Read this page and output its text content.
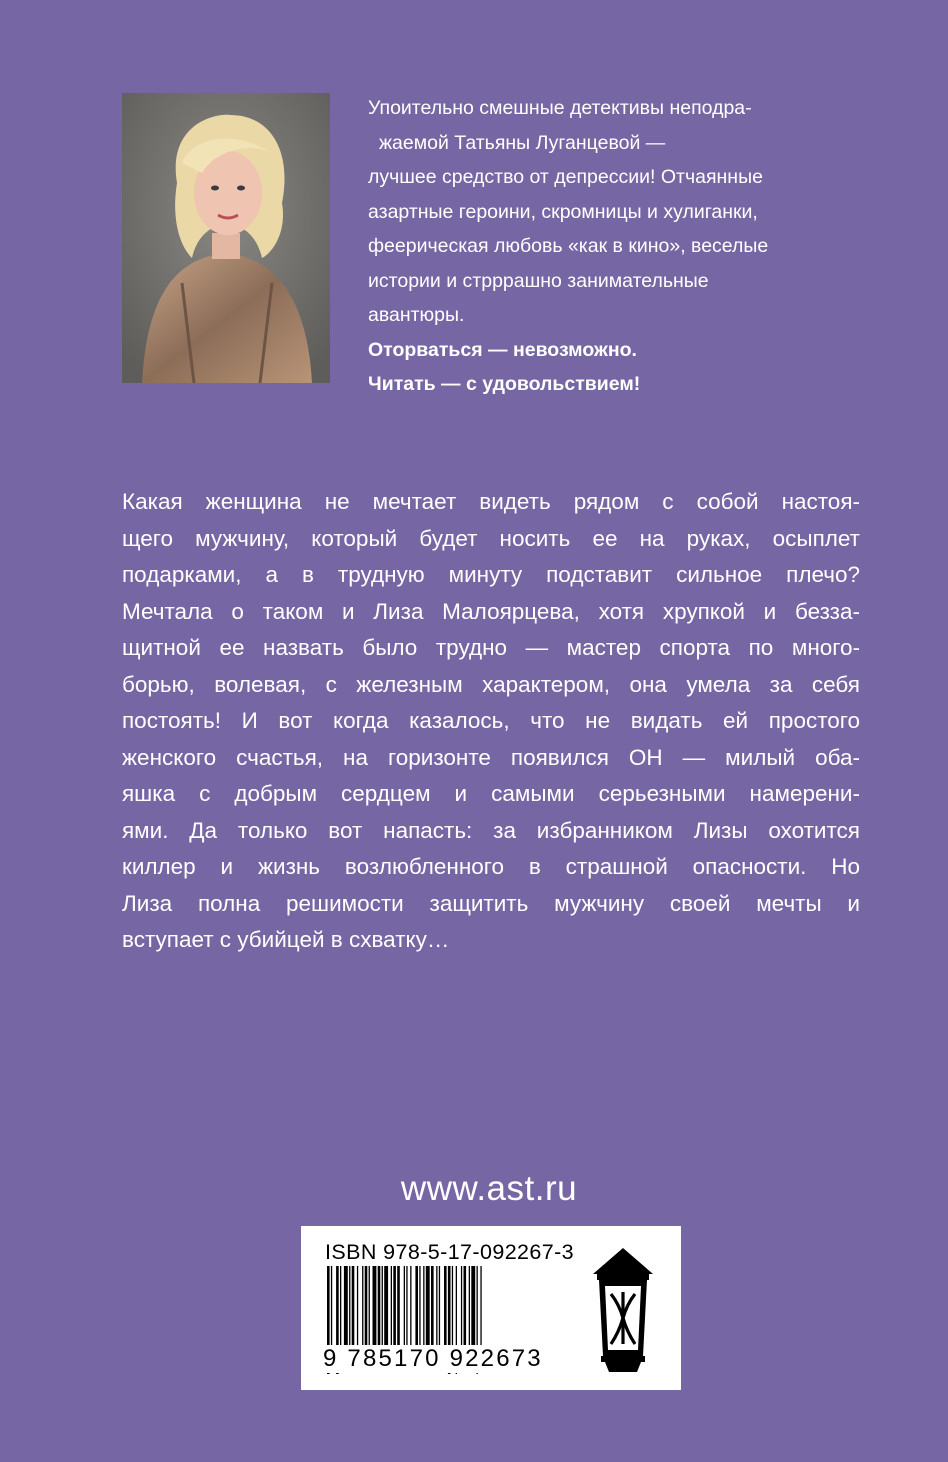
Упоительно смешные детективы неподра-
жаемой Татьяны Луганцевой —
лучшее средство от депрессии! Отчаянные
азартные героини, скромницы и хулиганки,
феерическая любовь «как в кино», веселые
истории и стрррашно занимательные
авантюры.
Оторваться — невозможно.
Читать — с удовольствием!
Какая женщина не мечтает видеть рядом с собой настоя-
щего мужчину, который будет носить ее на руках, осыплет
подарками, а в трудную минуту подставит сильное плечо?
Мечтала о таком и Лиза Малоярцева, хотя хрупкой и безза-
щитной ее назвать было трудно — мастер спорта по много-
борью, волевая, с железным характером, она умела за себя
постоять! И вот когда казалось, что не видать ей простого
женского счастья, на горизонте появился ОН — милый оба-
яшка с добрым сердцем и самыми серьезными намерени-
ями. Да только вот напасть: за избранником Лизы охотится
киллер и жизнь возлюбленного в страшной опасности. Но
Лиза полна решимости защитить мужчину своей мечты и
вступает с убийцей в схватку…
www.ast.ru
ISBN 978-5-17-092267-3
9 785170 922673
